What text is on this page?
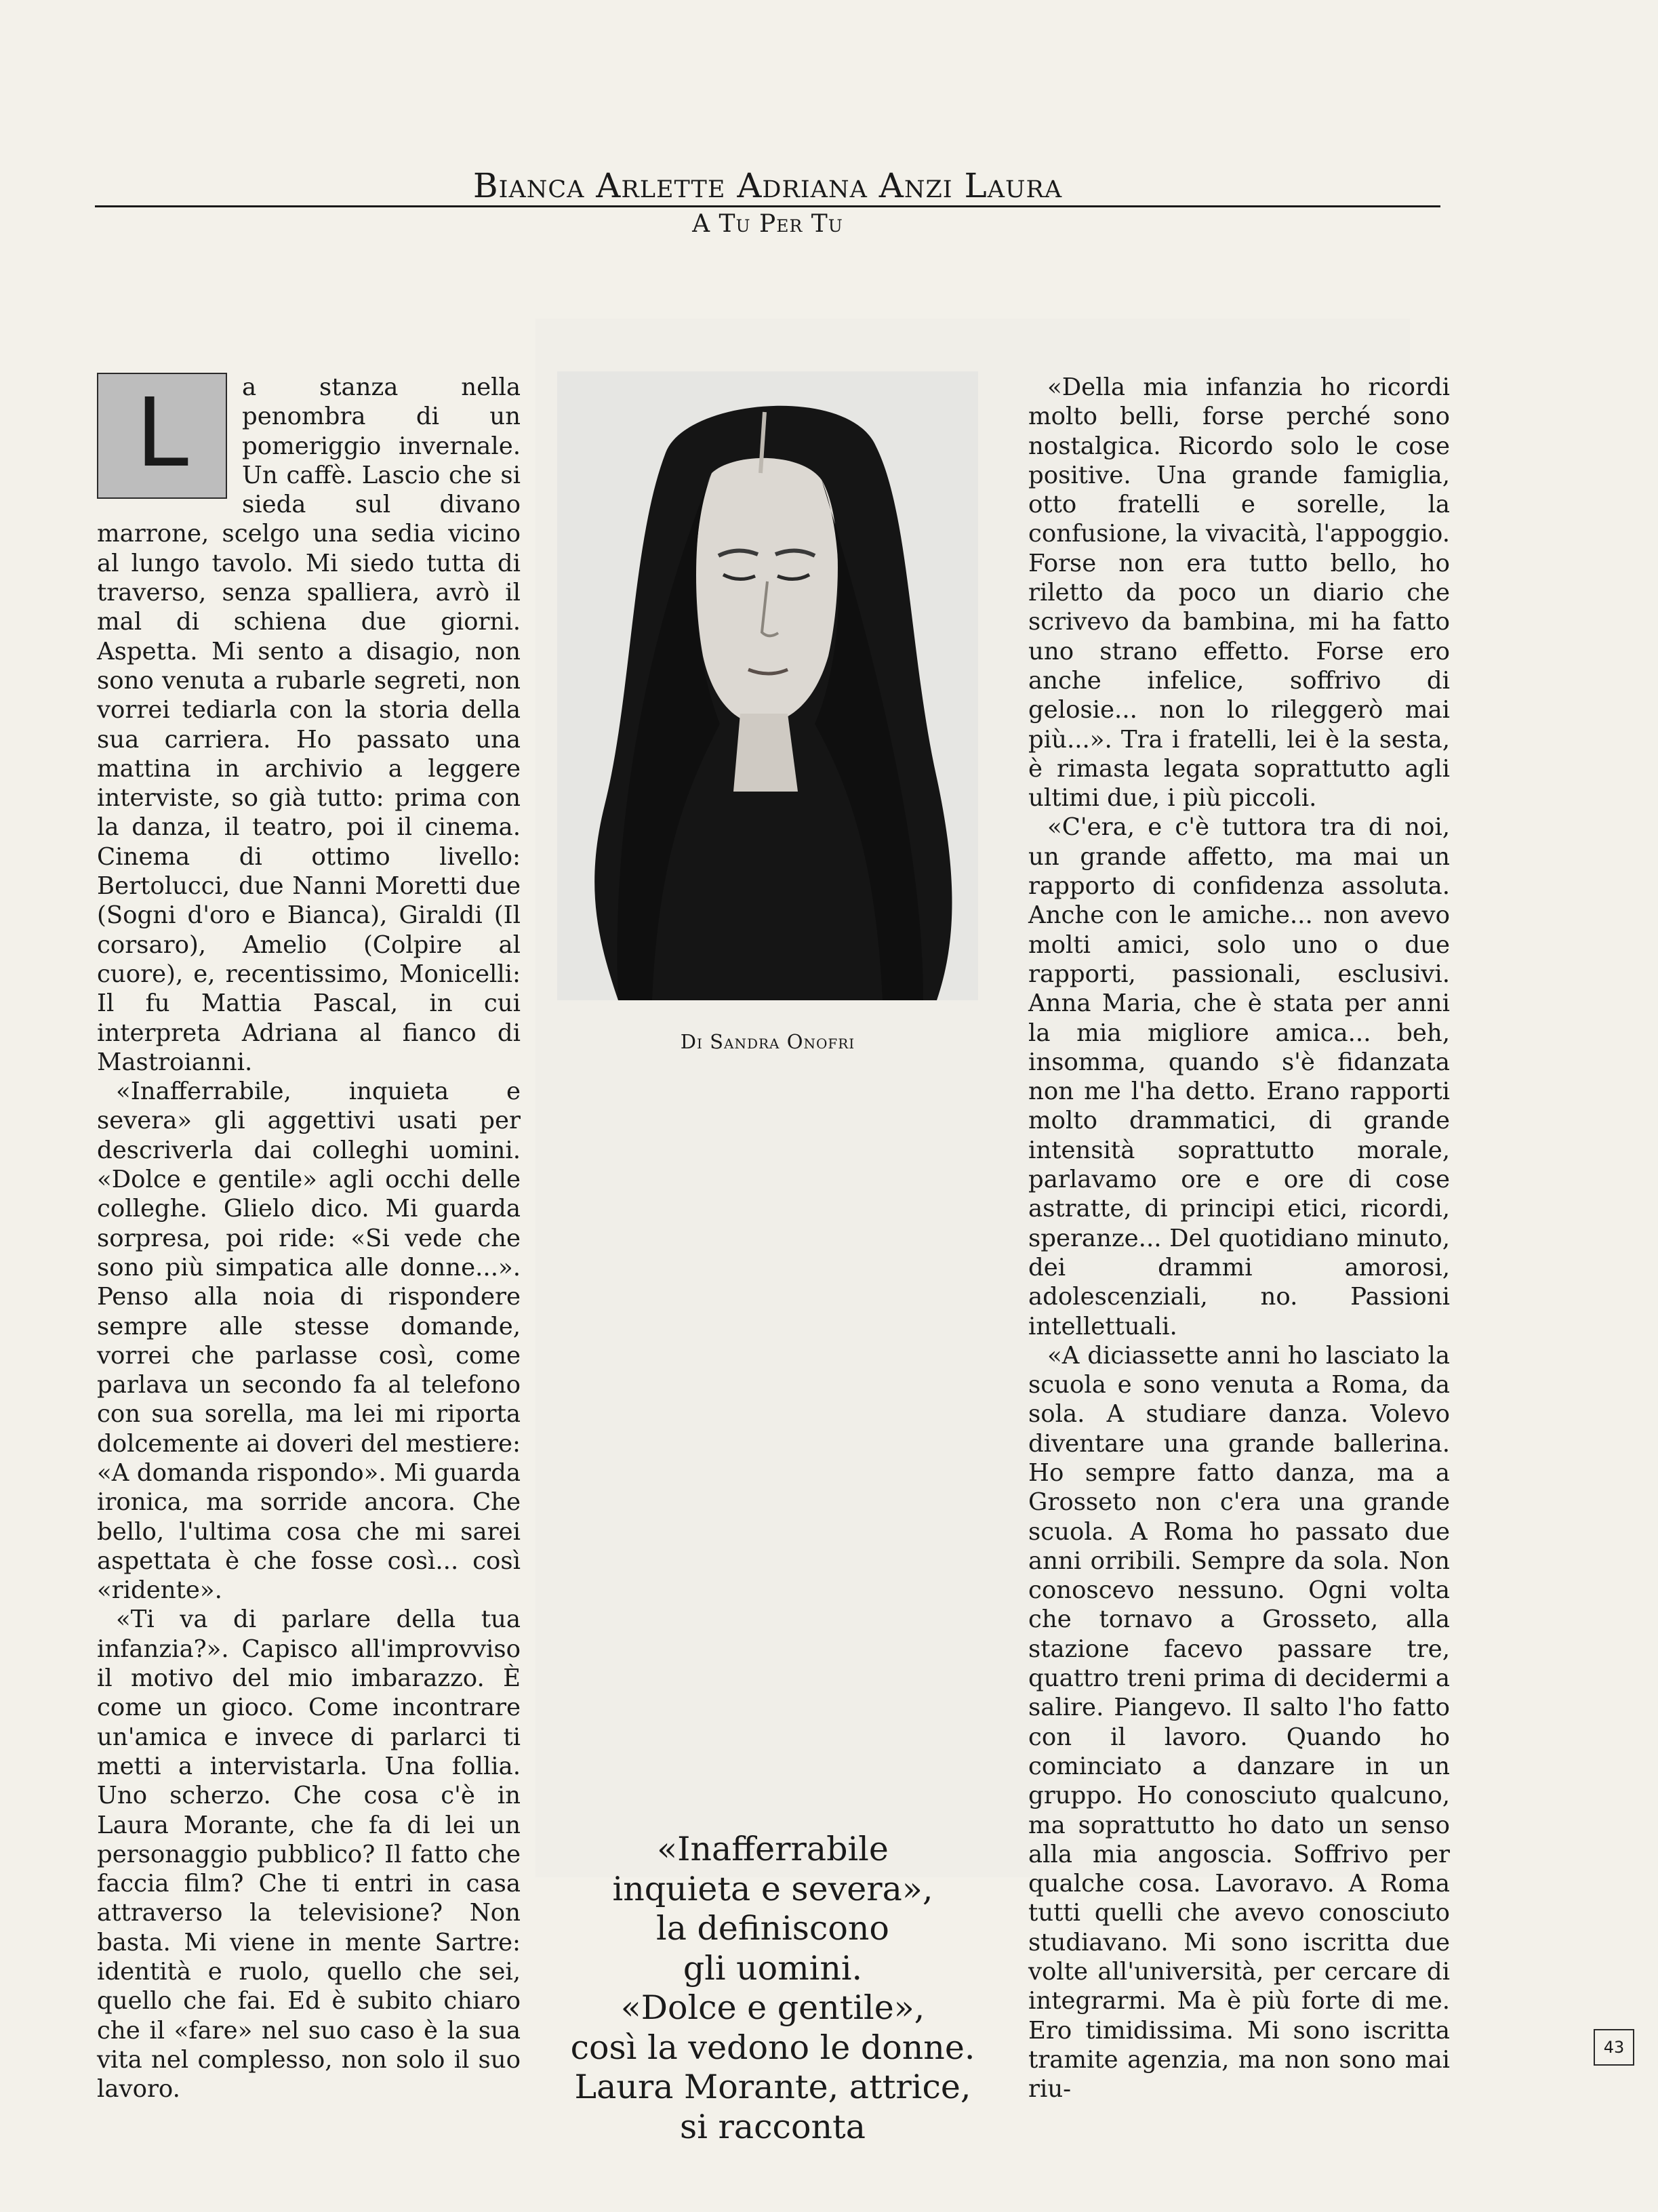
Bianca Arlette Adriana Anzi Laura
A Tu Per Tu
L	a stanza nella penombra di un pomeriggio invernale. Un caffè. Lascio che si sieda sul divano marrone, scelgo una sedia vicino al lungo tavolo. Mi siedo tutta di traverso, senza spalliera, avrò il mal di schiena due giorni. Aspetta. Mi sento a disagio, non sono venuta a rubarle segreti, non vorrei tediarla con la storia della sua carriera. Ho passato una mattina in archivio a leggere interviste, so già tutto: prima con la danza, il teatro, poi il cinema. Cinema di ottimo livello: Bertolucci, due Nanni Moretti due (Sogni d'oro e Bianca), Giraldi (Il corsaro), Amelio (Colpire al cuore), e, recentissimo, Monicelli: Il fu Mattia Pascal, in cui interpreta Adriana al fianco di Mastroianni.

«Inafferrabile, inquieta e severa» gli aggettivi usati per descriverla dai colleghi uomini. «Dolce e gentile» agli occhi delle colleghe. Glielo dico. Mi guarda sorpresa, poi ride: «Si vede che sono più simpatica alle donne...». Penso alla noia di rispondere sempre alle stesse domande, vorrei che parlasse così, come parlava un secondo fa al telefono con sua sorella, ma lei mi riporta dolcemente ai doveri del mestiere: «A domanda rispondo». Mi guarda ironica, ma sorride ancora. Che bello, l'ultima cosa che mi sarei aspettata è che fosse così... così «ridente».

«Ti va di parlare della tua infanzia?». Capisco all'improvviso il motivo del mio imbarazzo. È come un gioco. Come incontrare un'amica e invece di parlarci ti metti a intervistarla. Una follia. Uno scherzo. Che cosa c'è in Laura Morante, che fa di lei un personaggio pubblico? Il fatto che faccia film? Che ti entri in casa attraverso la televisione? Non basta. Mi viene in mente Sartre: identità e ruolo, quello che sei, quello che fai. Ed è subito chiaro che il «fare» nel suo caso è la sua vita nel complesso, non solo il suo lavoro.

Di Sandra Onofri

«Della mia infanzia ho ricordi molto belli, forse perché sono nostalgica. Ricordo solo le cose positive. Una grande famiglia, otto fratelli e sorelle, la confusione, la vivacità, l'appoggio. Forse non era tutto bello, ho riletto da poco un diario che scrivevo da bambina, mi ha fatto uno strano effetto. Forse ero anche infelice, soffrivo di gelosie... non lo rileggerò mai più...». Tra i fratelli, lei è la sesta, è rimasta legata soprattutto agli ultimi due, i più piccoli.

«C'era, e c'è tuttora tra di noi, un grande affetto, ma mai un rapporto di confidenza assoluta. Anche con le amiche... non avevo molti amici, solo uno o due rapporti, passionali, esclusivi. Anna Maria, che è stata per anni la mia migliore amica... beh, insomma, quando s'è fidanzata non me l'ha detto. Erano rapporti molto drammatici, di grande intensità soprattutto morale, parlavamo ore e ore di cose astratte, di principi etici, ricordi, speranze... Del quotidiano minuto, dei drammi amorosi, adolescenziali, no. Passioni intellettuali.

«A diciassette anni ho lasciato la scuola e sono venuta a Roma, da sola. A studiare danza. Volevo diventare una grande ballerina. Ho sempre fatto danza, ma a Grosseto non c'era una grande scuola. A Roma ho passato due anni orribili. Sempre da sola. Non conoscevo nessuno. Ogni volta che tornavo a Grosseto, alla stazione facevo passare tre, quattro treni prima di decidermi a salire. Piangevo. Il salto l'ho fatto con il lavoro. Quando ho cominciato a danzare in un gruppo. Ho conosciuto qualcuno, ma soprattutto ho dato un senso alla mia angoscia. Soffrivo per qualche cosa. Lavoravo. A Roma tutti quelli che avevo conosciuto studiavano. Mi sono iscritta due volte all'università, per cercare di integrarmi. Ma è più forte di me. Ero timidissima. Mi sono iscritta tramite agenzia, ma non sono mai riu-

«Inafferrabile
inquieta e severa»,
la definiscono
gli uomini.
«Dolce e gentile»,
così la vedono le donne.
Laura Morante, attrice,
si racconta
43
